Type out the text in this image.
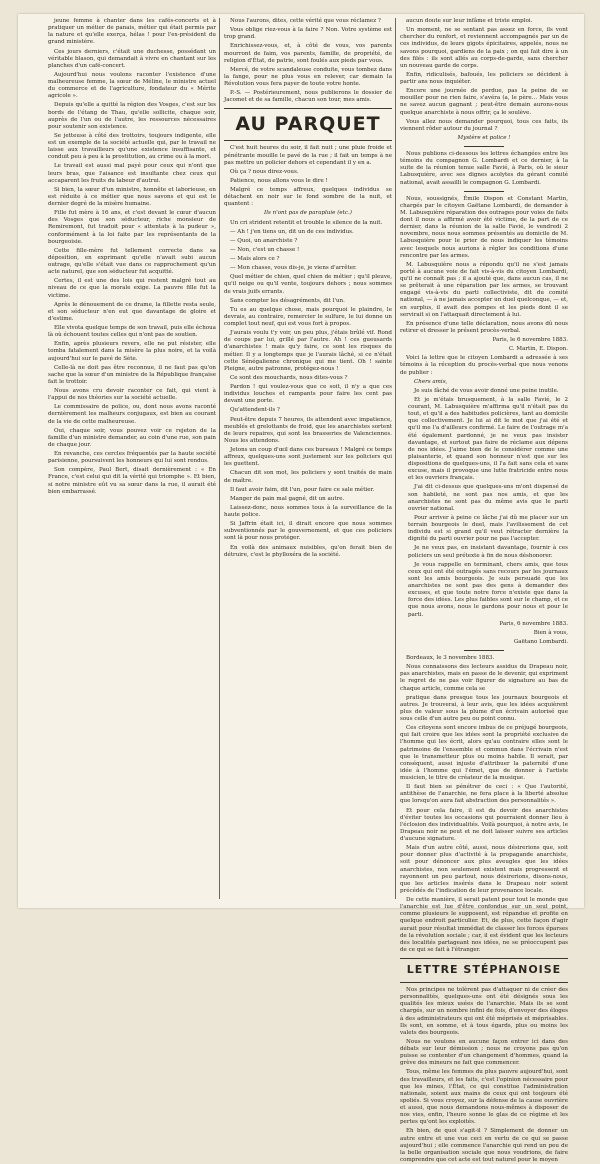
jeune femme à chanter dans les cafés-concerts et à pratiquer un métier de panais, métier qui était permis par la nature et qu'elle exerça, hélas ! pour l'ex-président du grand ministère.

Ces jours derniers, c'était une duchesse, possédant un véritable blason, qui demandait à vivre en chantant sur les planches d'un café-concert.

Aujourd'hui nous voulons raconter l'existence d'une malheureuse femme, la sœur de Méline, le ministre actuel du commerce et de l'agriculture, fondateur du « Mérite agricole ».

Depuis qu'elle a quitté la région des Vosges, c'est sur les bords de l'étang de Thau, qu'elle sollicite, chaque soir, auprès de l'un ou de l'autre, les ressources nécessaires pour soutenir son existence.

Se jetteuse à côté des trottoirs, toujours indigente, elle est un exemple de la société actuelle qui, par le travail ne laisse aux travailleurs qu'une existence insuffisante, et conduit peu à peu à la prostitution, au crime ou à la mort.

Le travail est aussi mal payé pour ceux qui n'ont que leurs bras, que l'aisance est insultante chez ceux qui accaparent les fruits du labeur d'autrui.

Si bien, la sœur d'un ministre, honnête et laborieuse, en est réduite à ce métier que nous savons et qui est le dernier degré de la misère humaine.

Fille fut mère à 16 ans, et c'est devant le cœur d'aucun des Vosges que son séducteur, riche monsieur de Remiremont, fut traduit pour « attentats à la pudeur », conformément à la loi faite par les représentants de la bourgeoisie.

Cette fille-mère fut tellement correcte dans sa déposition, en exprimant qu'elle n'avait subi aucun outrage, qu'elle s'était vue dans ce rapprochement qu'un acte naturel, que son séducteur fut acquitté.

Certes, il est une des lois qui restent malgré tout au niveau de ce que la morale exige. La pauvre fille fut la victime.

Après le dénouement de ce drame, la fillette resta seule, et son séducteur n'en eut que davantage de gloire et d'estime.

Elle vivota quelque temps de son travail, puis elle échoua là où échouent toutes celles qui n'ont pas de soutien.

Enfin, après plusieurs revers, elle ne put résister, elle tomba fatalement dans la misère la plus noire, et la voilà aujourd'hui sur le pavé de Sète.

Celle-là ne doit pas être reconnue, il ne faut pas qu'on sache que la sœur d'un ministre de la République française fait le trottoir.

Nous avons cru devoir raconter ce fait, qui vient à l'appui de nos théories sur la société actuelle.

Le commissaire de police, ou, dont nous avons raconté dernièrement les malheurs conjugaux, est bien au courant de la vie de cette malheureuse.

Oui, chaque soir, vous pouvez voir ce rejeton de la famille d'un ministre demander, au coin d'une rue, son pain de chaque jour.

En revanche, ces cercles fréquentés par la haute société parisienne, poursuivent les honneurs qui lui sont rendus.

Son compère, Paul Bert, disait dernièrement : « En France, c'est celui qui dit la vérité qui triomphe ». Et bien, si notre ministre eût vu sa sœur dans la rue, il aurait été bien embarrassé.

Nous l'aurons, dites, cette vérité que vous réclamez ?

Vous oblige riez-vous à la faire ? Non. Votre système est trop grand.

Enrichissez-vous, et, à côté de vous, vos parents mourront de faim, vos parents, famille, de propriété, de religion d'État, de patrie, sont foulés aux pieds par vous.

Mercé, de votre scandaleuse conduite, vous tombez dans la fange, pour ne plus vous en relever, car demain la Révolution vous fera payer de toute votre honte.

P.-S. — Postérieurement, nous publierons le dossier de Jacomet et de sa famille, chacun son tour, mes amis.

AU PARQUET

C'est huit heures du soir, il fait nuit ; une pluie froide et pénétrante mouille le pavé de la rue ; il fait un temps à ne pas mettre un policier dehors et cependant il y en a.

Où ça ? nous direz-vous.

Patience, nous allons vous le dire !

Malgré ce temps affreux, quelques individus se détachent en noir sur le fond sombre de la nuit, et quantent :

Ils n'ont pas de parapluie (etc.)

Un cri strident retentit et trouble le silence de la nuit.

— Ah ! j'en tiens un, dit un de ces individus.

— Quoi, un anarchiste ?

— Non, c'est un chasse !

— Mais alors ce ?

— Mon chasse, vous dis-je, je viens d'arrêter.

Quel métier de chien, quel chien de métier ; qu'il pleuve, qu'il neige ou qu'il vente, toujours dehors ; nous sommes de vrais juifs errants.

Sans compter les désagréments, dit l'un.

Tu es au quelque chose, mais pourquoi le plaindre, le devrais, au contraire, remercier le sulfure, le lui donne un complet tout neuf, qui est vous fort à propos.

J'aurais voulu t'y voir, un peu plus, j'étais brûlé vif. Rond de coups par lui, grillé par l'autre. Ah ! ces gueusards d'anarchistes ! mais qu'y faire, ce sont les risques du métier. Il y a longtemps que je l'aurais lâché, si ce n'était cette Sénégalienne chronique qui me tient. Oh ! sainte Pleigne, autre patronne, protégez-nous !

Ce sont des mouchards, nous dites-vous ?

Pardon ! qui voulez-vous que ce soit, il n'y a que ces individus louches et rampants pour faire les cent pas devant une porte.

Qu'attendent-ils ?

Peut-être depuis 7 heures, ils attendent avec impatience, meublés et grelottants de froid, que les anarchistes sortent de leurs repaires, qui sont les brasseries de Valenciennes. Nous les attendons.

Jetons un coup d'œil dans ces bureaux ! Malgré ce temps affreux, quelques-uns sont justement sur les policiers qui les guettent.

Chacun dit son mot, les policiers y sont traités de main de maître.

Il faut avoir faim, dit l'un, pour faire ce sale métier.

Manger de pain mal gagné, dit un autre.

Laissez-donc, nous sommes tous à la surveillance de la haute police.

Si Jaffrin était ici, il dirait encore que nous sommes subventionnés par le gouvernement, et que ces policiers sont là pour nous protéger.

En voilà des animaux nuisibles, qu'on ferait bien de détruire, c'est le phylloxéra de la société.

aucun doute sur leur infâme et triste emploi.

Un moment, ne se sentant pas assez en force, ils vont chercher du renfort, et reviennent accompagnés par un de ces individus, de leurs gigots épicitaires, appelés, nous ne savons pourquoi, gardiens de la paix ; on qui fait dire à un des filés : ils sont allés au corps-de-garde, sans chercher un nouveau garde de corps.

Enfin, ridiculisés, bafoués, les policiers se décident à partir ans nous inquiéter.

Encore une journée de perdue, pas la peine de se mouiller pour ne rien faire, s'avéra (a, le père… Mais vous ne savez aucun gagnant ; peut-être demain aurons-nous quelque anarchiste à nous offrir, ça le soulève.

Vous allez nous demander pourquoi, tous ces faits, ils viennent rôder autour du journal ?

Mystère et police !

Nous publions ci-dessous les lettres échangées entre les témoins du compagnon G. Lombardi et ce dernier, à la suite de la réunion tenue salle Favié, à Paris, où le sieur Labusquière, avec ses dignes acolytes du gérant comité national, avait assailli le compagnon G. Lombardi.

Nous, soussignés, Émile Dispon et Constant Martin, chargés par le citoyen Gaëtane Lombardi, de demander à M. Labusquière réparation des outrages pour voies de faits dont il nous a affirmé avoir été victime, de la part de ce dernier, dans la réunion de la salle Favié, le vendredi 2 novembre, nous nous sommes présentés au domicile de M. Labusquière pour le prier de nous indiquer les témoins avec lesquels nous aurions à régler les conditions d'une rencontre par les armes.

M. Labusquière nous a répondu qu'il ne s'est jamais porté à aucune voie de fait vis-à-vis du citoyen Lombardi, qu'il ne connaît pas ; il a ajouté que, dans aucun cas, il ne se prêterait à une réparation par les armes, se trouvant engagé vis-à-vis du parti collectiviste, dit du comité national, — à ne jamais accepter un duel quelconque, — et, en surplus, il avait des pompes et les pieds dont il se servirait si on l'attaquait directement à lui.

En présence d'une telle déclaration, nous avons dû nous retirer et dresser le présent procès-verbal.

Paris, le 6 novembre 1883.

C. Martin, E. Dispon.

Voici la lettre que le citoyen Lombardi a adressée à ses témoins à la réception du procès-verbal que nous venons de publier :

Chers amis,

Je suis fâché de vous avoir donné une peine inutile.

Et je m'étais brusquement, à la salle Favié, le 2 courant, M. Labusquière m'affirma qu'il n'était pas du tout, et qu'il a des habitudes policières, tant au domicile que collectivement. Je lui ai dit le mot que j'ai été et qu'il me l'a d'ailleurs confirmé. Le faire de l'outrage m'a été également pardonné, je ne veux pas insister davantage, et surtout pas faire de réclame aux dépens de nos idées. J'aime bien de le considérer comme une plaisanterie, et quand son honneur n'est que sur les dispositions de quelques-uns, il l'a fait sans cela et sans excuse, mais il provoque une lutte fratricide entre nous et les ouvriers français.

J'ai dit ci-dessus que quelques-uns m'ont dispensé de son habileté, ne sont pas nos amis, et que les anarchistes ne sont pas du même avis que le parti ouvrier national.

Pour arriver à peine ce lâche j'ai dû me placer sur un terrain bourgeois le duel, mais l'avilissement de cet individu est si grand qu'il veut rétracter dernière la dignité du parti ouvrier pour ne pas l'accepter.

Je ne veux pas, en insistant davantage, fournir à ces policiers un seul prétexte à fin de nous déshonorer.

Je vous rappelle en terminant, chers amis, que tous ceux qui ont été outragés sans recours par les journaux sont les amis bourgeois. Je suis persuadé que les anarchistes ne sont pas des gens à demander des excuses, et que toute notre force n'existe que dans la force des idées. Les plus faibles sont sur le champ, et ce que nous avons, nous le gardons pour nous et pour le parti.

Paris, 6 novembre 1883.

Bien à vous,

Gaëtano Lombardi.

Bordeaux, le 3 novembre 1883.

Nous connaissons des lecteurs assidus du Drapeau noir, pas anarchistes, mais en passe de le devenir, qui expriment le regret de ne pas voir figurer de signature au bas de chaque article, comme cela se

pratique dans presque tous les journaux bourgeois et autres. Je trouverai, à leur avis, que les idées acquièrent plus de valeur sous la plume d'un écrivain autorisé que sous celle d'un autre peu ou point connu.

Ces citoyens sont encore imbus de ce préjugé bourgeois, qui fait croire que les idées sont la propriété exclusive de l'homme qui les écrit, alors qu'au contraire elles sont le patrimoine de l'ensemble et commun dans l'écrivain n'est que le transmetteur plus ou moins habile. Il serait, par conséquent, aussi injuste d'attribuer la paternité d'une idée à l'homme qui l'émet, que de donner à l'artiste musicien, le titre de créateur de la musique.

Il faut bien se pénétrer de ceci : « Que l'autorité, antithèse de l'anarchie, ne fera place à la liberté absolue que lorsqu'on aura fait abstraction des personnalités ».

Et pour cela faire, il est du devoir des anarchistes d'éviter toutes les occasions qui pourraient donner lieu à l'éclosion des individualités. Voilà pourquoi, à notre avis, le Drapeau noir ne peut et ne doit laisser suivre ses articles d'aucune signature.

Mais d'un autre côté, aussi, nous désirerions que, soit pour donner plus d'activité à la propagande anarchiste, soit pour dénoncer aux plus aveugles que les idées anarchistes, non seulement existent mais progressent et rayonnent un peu partout, nous désirerions, disons-nous, que les articles insérés dans le Drapeau noir soient précédés de l'indication de leur provenance locale.

De cette manière, il serait patent pour tout le monde que l'anarchie est lue d'être confondue sur un seul point, comme plusieurs le supposent, est répandue et profite en quelque endroit particulier. Et, de plus, cette façon d'agir aurait pour résultat immédiat de classer les forces éparses de la révolution sociale ; car, il est évident que les lecteurs des localités partageant nos idées, ne se préoccupent pas de ce qui se fait à l'étranger.

LETTRE STÉPHANOISE

Nos principes ne tolèrent pas d'attaquer ni de créer des personnalités, quelques-uns ont été désignés sous les qualités les mieux usées de l'anarchie. Mais ils se sont chargés, sur un nombre infini de fois, d'envoyer des éloges à des administrateurs qui ont été méprisés et méprisables. Ils sont, en somme, et à tous égards, plus ou moins les valets des bourgeois.

Nous ne voulons en aucune façon entrer ici dans des débats sur leur démission ; nous ne croyons pas qu'on puisse se contenter d'un changement d'hommes, quand la grève des mineurs ne fait que commencer.

Tous, même les femmes du plus pauvre aujourd'hui, sont des travailleurs, et les faits, c'est l'opinion nécessaire pour que les mines, l'État, ce qui constitue l'administration nationale, soient aux mains de ceux qui ont toujours été spoliés. Si vous croyez, sur la défense de la cause ouvrière et aussi, que nous demandons nous-mêmes à disposer de nos vies, enfin, l'heure sonne le glas de ce régime et les pertes qu'ont les exploités.

Eh bien, de quoi s'agit-il ? Simplement de donner un autre entre et une vue ceci en vertu de ce qui se passe aujourd'hui ; elle commence l'anarchie qui rend un peu de la belle organisation sociale que nous voudrions, de faire comprendre que cet acte est tout naturel pour le moyen
